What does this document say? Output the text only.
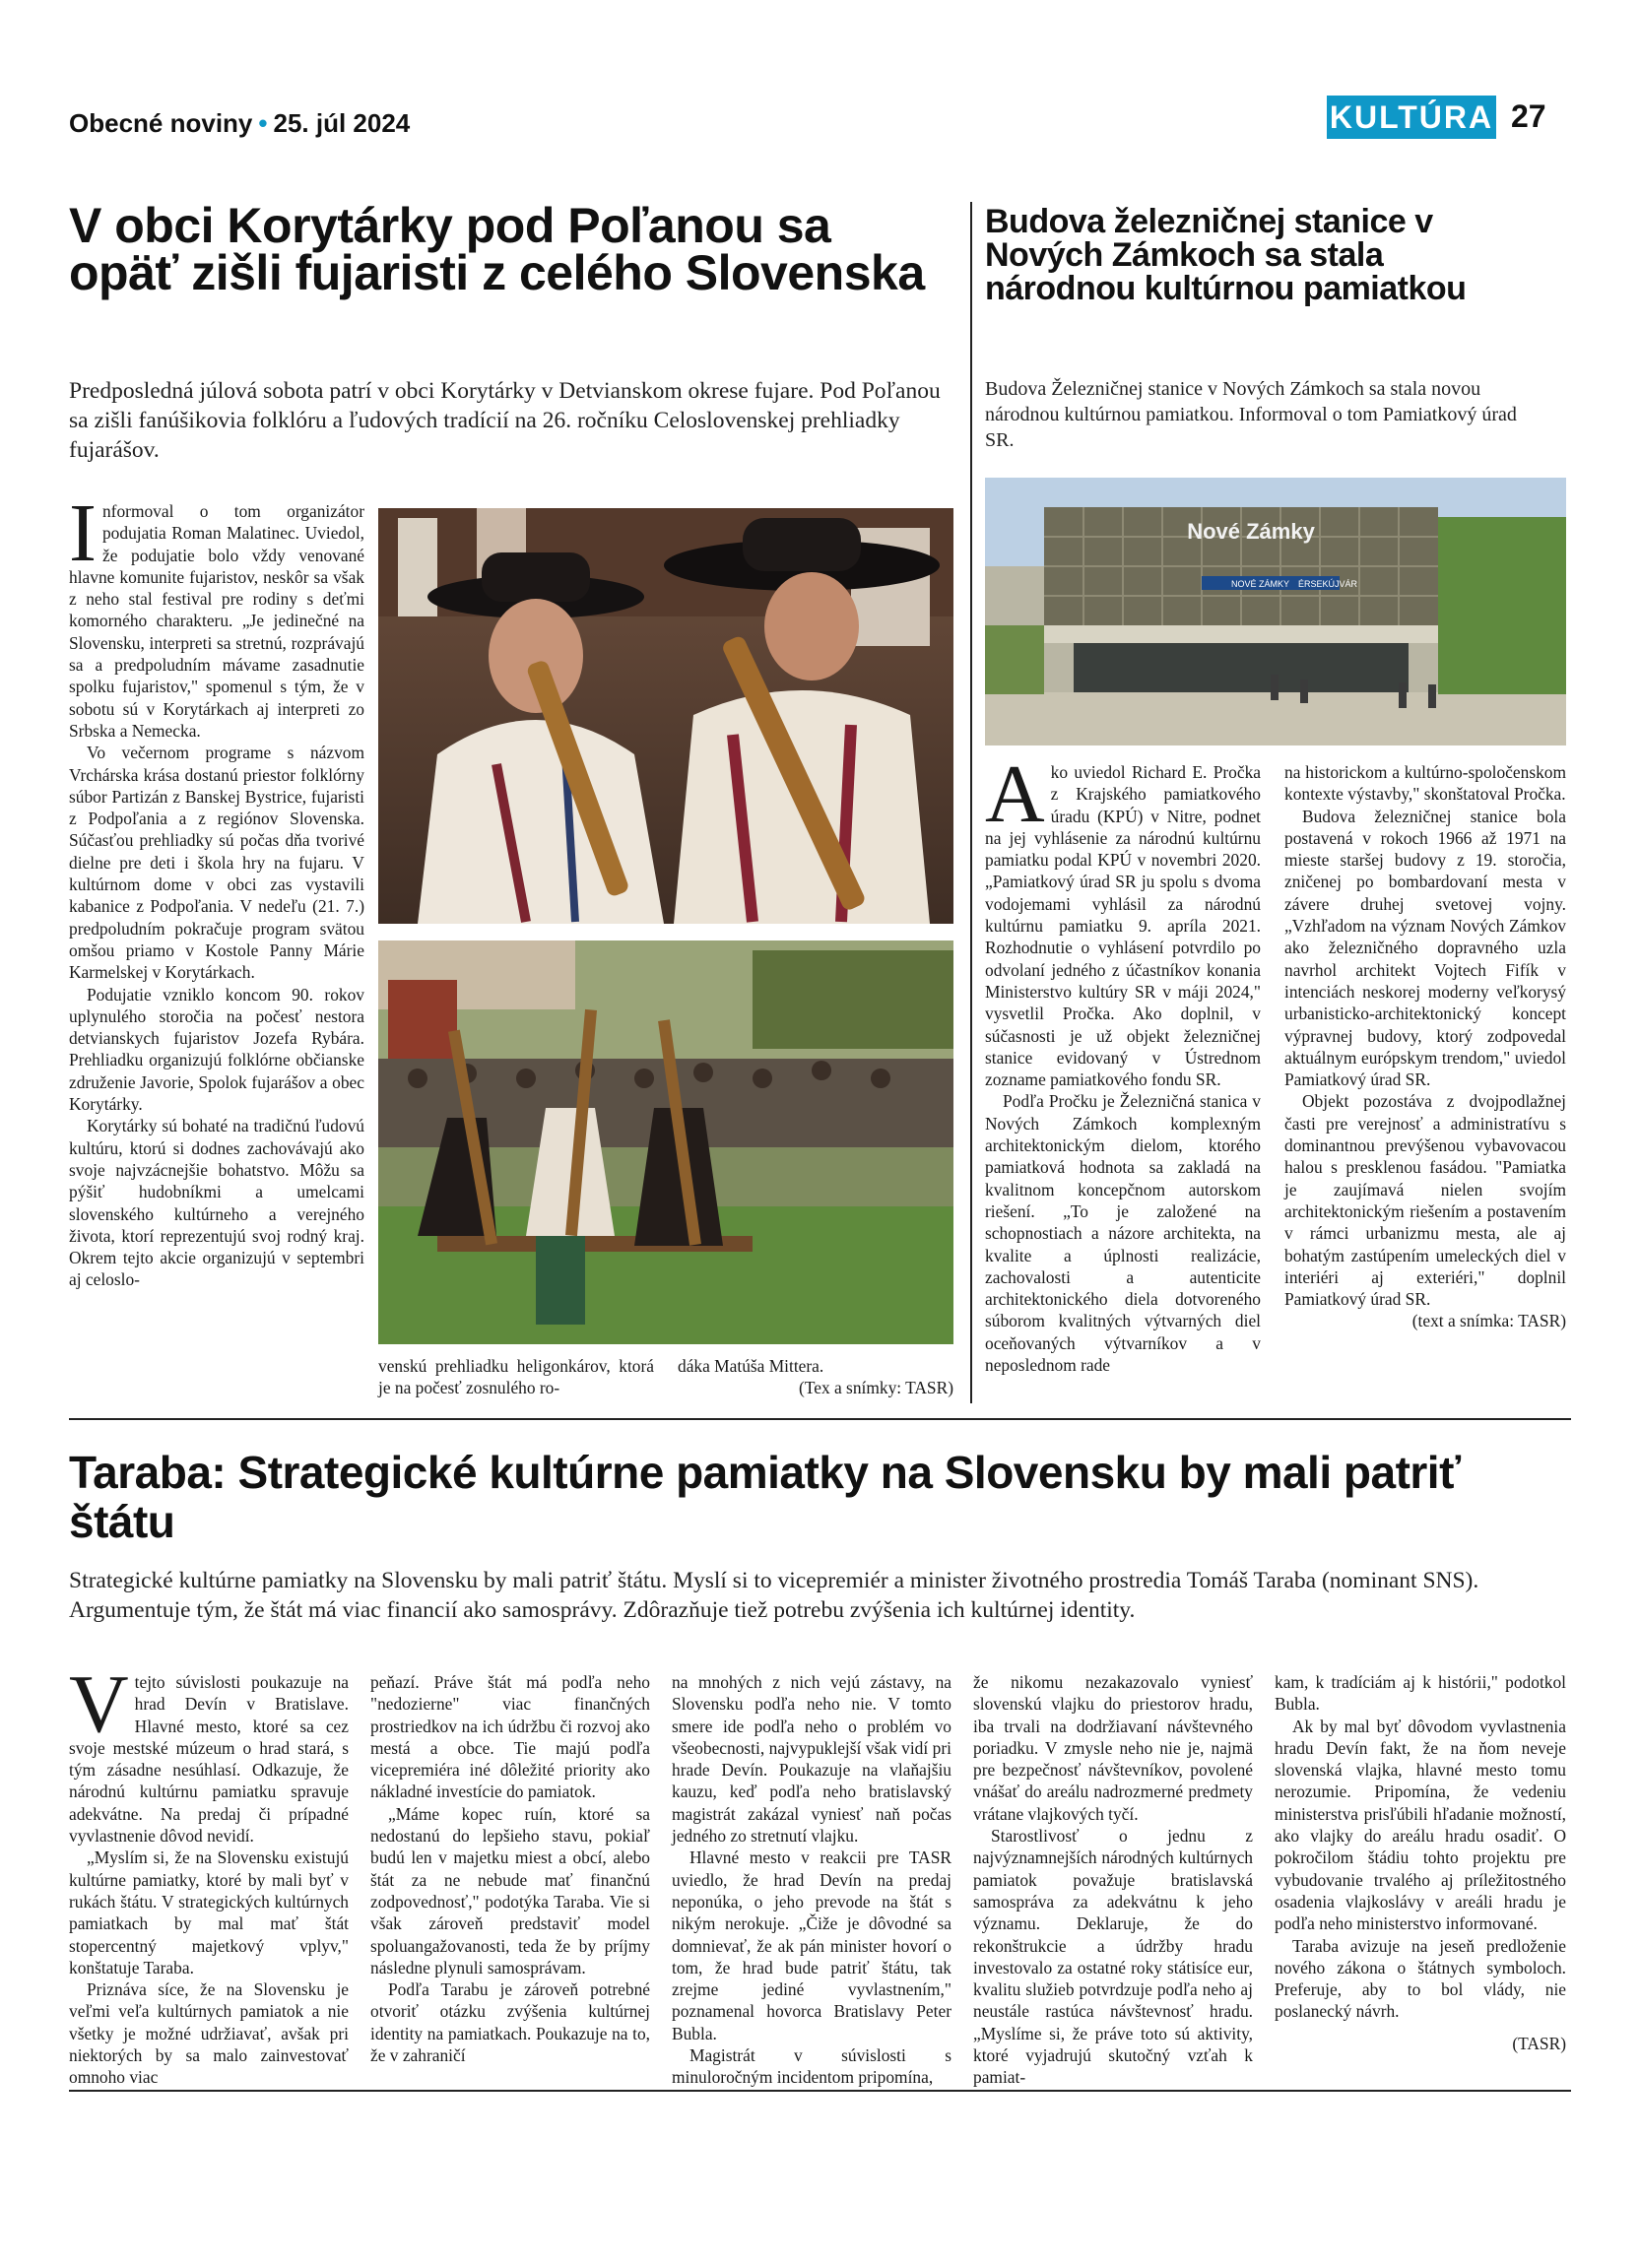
Obecné noviny • 25. júl 2024	KULTÚRA 27
V obci Korytárky pod Poľanou sa opäť zišli fujaristi z celého Slovenska
Predposledná júlová sobota patrí v obci Korytárky v Detvianskom okrese fujare. Pod Poľanou sa zišli fanúšikovia folklóru a ľudových tradícií na 26. ročníku Celoslovenskej prehliadky fujarášov.

Informoval o tom organizátor podujatia Roman Malatinec. Uviedol, že podujatie bolo vždy venované hlavne komunite fujaristov, neskôr sa však z neho stal festival pre rodiny s deťmi komorného charakteru. „Je jedinečné na Slovensku, interpreti sa stretnú, rozprávajú sa a predpoludním mávame zasadnutie spolku fujaristov," spomenul s tým, že v sobotu sú v Korytárkach aj interpreti zo Srbska a Nemecka.

Vo večernom programe s názvom Vrchárska krása dostanú priestor folklórny súbor Partizán z Banskej Bystrice, fujaristi z Podpoľania a z regiónov Slovenska. Súčasťou prehliadky sú počas dňa tvorivé dielne pre deti i škola hry na fujaru. V kultúrnom dome v obci zas vystavili kabanice z Podpoľania. V nedeľu (21. 7.) predpoludním pokračuje program svätou omšou priamo v Kostole Panny Márie Karmelskej v Korytárkach.

Podujatie vzniklo koncom 90. rokov uplynulého storočia na počesť nestora detvianskych fujaristov Jozefa Rybára. Prehliadku organizujú folklórne občianske združenie Javorie, Spolok fujarášov a obec Korytárky.

Korytárky sú bohaté na tradičnú ľudovú kultúru, ktorú si dodnes zachovávajú ako svoje najvzácnejšie bohatstvo. Môžu sa pýšiť hudobníkmi a umelcami slovenského kultúrneho a verejného života, ktorí reprezentujú svoj rodný kraj. Okrem tejto akcie organizujú v septembri aj celoslo-

venskú prehliadku heligonkárov, ktorá je na počesť zosnulého ro-

dáka Matúša Mittera.

(Tex a snímky: TASR)

Budova železničnej stanice v Nových Zámkoch sa stala národnou kultúrnou pamiatkou
Budova Železničnej stanice v Nových Zámkoch sa stala novou národnou kultúrnou pamiatkou. Informoval o tom Pamiatkový úrad SR.
Nové Zámky
NOVÉ ZÁMKY ÉRSEKÚJVÁR

Ako uviedol Richard E. Pročka z Krajského pamiatkového úradu (KPÚ) v Nitre, podnet na jej vyhlásenie za národnú kultúrnu pamiatku podal KPÚ v novembri 2020. „Pamiatkový úrad SR ju spolu s dvoma vodojemami vyhlásil za národnú kultúrnu pamiatku 9. apríla 2021. Rozhodnutie o vyhlásení potvrdilo po odvolaní jedného z účastníkov konania Ministerstvo kultúry SR v máji 2024," vysvetlil Pročka. Ako doplnil, v súčasnosti je už objekt železničnej stanice evidovaný v Ústrednom zozname pamiatkového fondu SR.

Podľa Pročku je Železničná stanica v Nových Zámkoch komplexným architektonickým dielom, ktorého pamiatková hodnota sa zakladá na kvalitnom koncepčnom autorskom riešení. „To je založené na schopnostiach a názore architekta, na kvalite a úplnosti realizácie, zachovalosti a autenticite architektonického diela dotvoreného súborom kvalitných výtvarných diel oceňovaných výtvarníkov a v neposlednom rade

na historickom a kultúrno-spoločenskom kontexte výstavby," skonštatoval Pročka.

Budova železničnej stanice bola postavená v rokoch 1966 až 1971 na mieste staršej budovy z 19. storočia, zničenej po bombardovaní mesta v závere druhej svetovej vojny. „Vzhľadom na význam Nových Zámkov ako železničného dopravného uzla navrhol architekt Vojtech Fifík v intenciách neskorej moderny veľkorysý urbanisticko-architektonický koncept výpravnej budovy, ktorý zodpovedal aktuálnym európskym trendom," uviedol Pamiatkový úrad SR.

Objekt pozostáva z dvojpodlažnej časti pre verejnosť a administratívu s dominantnou prevýšenou vybavovacou halou s presklenou fasádou. "Pamiatka je zaujímavá nielen svojím architektonickým riešením a postavením v rámci urbanizmu mesta, ale aj bohatým zastúpením umeleckých diel v interiéri aj exteriéri," doplnil Pamiatkový úrad SR.

(text a snímka: TASR)

Taraba: Strategické kultúrne pamiatky na Slovensku by mali patriť štátu
Strategické kultúrne pamiatky na Slovensku by mali patriť štátu. Myslí si to vicepremiér a minister životného prostredia Tomáš Taraba (nominant SNS). Argumentuje tým, že štát má viac financií ako samosprávy. Zdôrazňuje tiež potrebu zvýšenia ich kultúrnej identity.

Vtejto súvislosti poukazuje na hrad Devín v Bratislave. Hlavné mesto, ktoré sa cez svoje mestské múzeum o hrad stará, s tým zásadne nesúhlasí. Odkazuje, že národnú kultúrnu pamiatku spravuje adekvátne. Na predaj či prípadné vyvlastnenie dôvod nevidí.

„Myslím si, že na Slovensku existujú kultúrne pamiatky, ktoré by mali byť v rukách štátu. V strategických kultúrnych pamiatkach by mal mať štát stopercentný majetkový vplyv," konštatuje Taraba.

Priznáva síce, že na Slovensku je veľmi veľa kultúrnych pamiatok a nie všetky je možné udržiavať, avšak pri niektorých by sa malo zainvestovať omnoho viac

peňazí. Práve štát má podľa neho "nedozierne" viac finančných prostriedkov na ich údržbu či rozvoj ako mestá a obce. Tie majú podľa vicepremiéra iné dôležité priority ako nákladné investície do pamiatok.

„Máme kopec ruín, ktoré sa nedostanú do lepšieho stavu, pokiaľ budú len v majetku miest a obcí, alebo štát za ne nebude mať finančnú zodpovednosť," podotýka Taraba. Vie si však zároveň predstaviť model spoluangažovanosti, teda že by príjmy následne plynuli samosprávam.

Podľa Tarabu je zároveň potrebné otvoriť otázku zvýšenia kultúrnej identity na pamiatkach. Poukazuje na to, že v zahraničí

na mnohých z nich vejú zástavy, na Slovensku podľa neho nie. V tomto smere ide podľa neho o problém vo všeobecnosti, najvypuklejší však vidí pri hrade Devín. Poukazuje na vlaňajšiu kauzu, keď podľa neho bratislavský magistrát zakázal vyniesť naň počas jedného zo stretnutí vlajku.

Hlavné mesto v reakcii pre TASR uviedlo, že hrad Devín na predaj neponúka, o jeho prevode na štát s nikým nerokuje. „Čiže je dôvodné sa domnievať, že ak pán minister hovorí o tom, že hrad bude patriť štátu, tak zrejme jediné vyvlastnením," poznamenal hovorca Bratislavy Peter Bubla.

Magistrát v súvislosti s minuloročným incidentom pripomína,

že nikomu nezakazovalo vyniesť slovenskú vlajku do priestorov hradu, iba trvali na dodržiavaní návštevného poriadku. V zmysle neho nie je, najmä pre bezpečnosť návštevníkov, povolené vnášať do areálu nadrozmerné predmety vrátane vlajkových tyčí.

Starostlivosť o jednu z najvýznamnejších národných kultúrnych pamiatok považuje bratislavská samospráva za adekvátnu k jeho významu. Deklaruje, že do rekonštrukcie a údržby hradu investovalo za ostatné roky státisíce eur, kvalitu služieb potvrdzuje podľa neho aj neustále rastúca návštevnosť hradu. „Myslíme si, že práve toto sú aktivity, ktoré vyjadrujú skutočný vzťah k pamiat-

kam, k tradíciám aj k histórii," podotkol Bubla.

Ak by mal byť dôvodom vyvlastnenia hradu Devín fakt, že na ňom neveje slovenská vlajka, hlavné mesto tomu nerozumie. Pripomína, že vedeniu ministerstva prisľúbili hľadanie možností, ako vlajky do areálu hradu osadiť. O pokročilom štádiu tohto projektu pre vybudovanie trvalého aj príležitostného osadenia vlajkoslávy v areáli hradu je podľa neho ministerstvo informované.

Taraba avizuje na jeseň predloženie nového zákona o štátnych symboloch. Preferuje, aby to bol vlády, nie poslanecký návrh.

(TASR)
